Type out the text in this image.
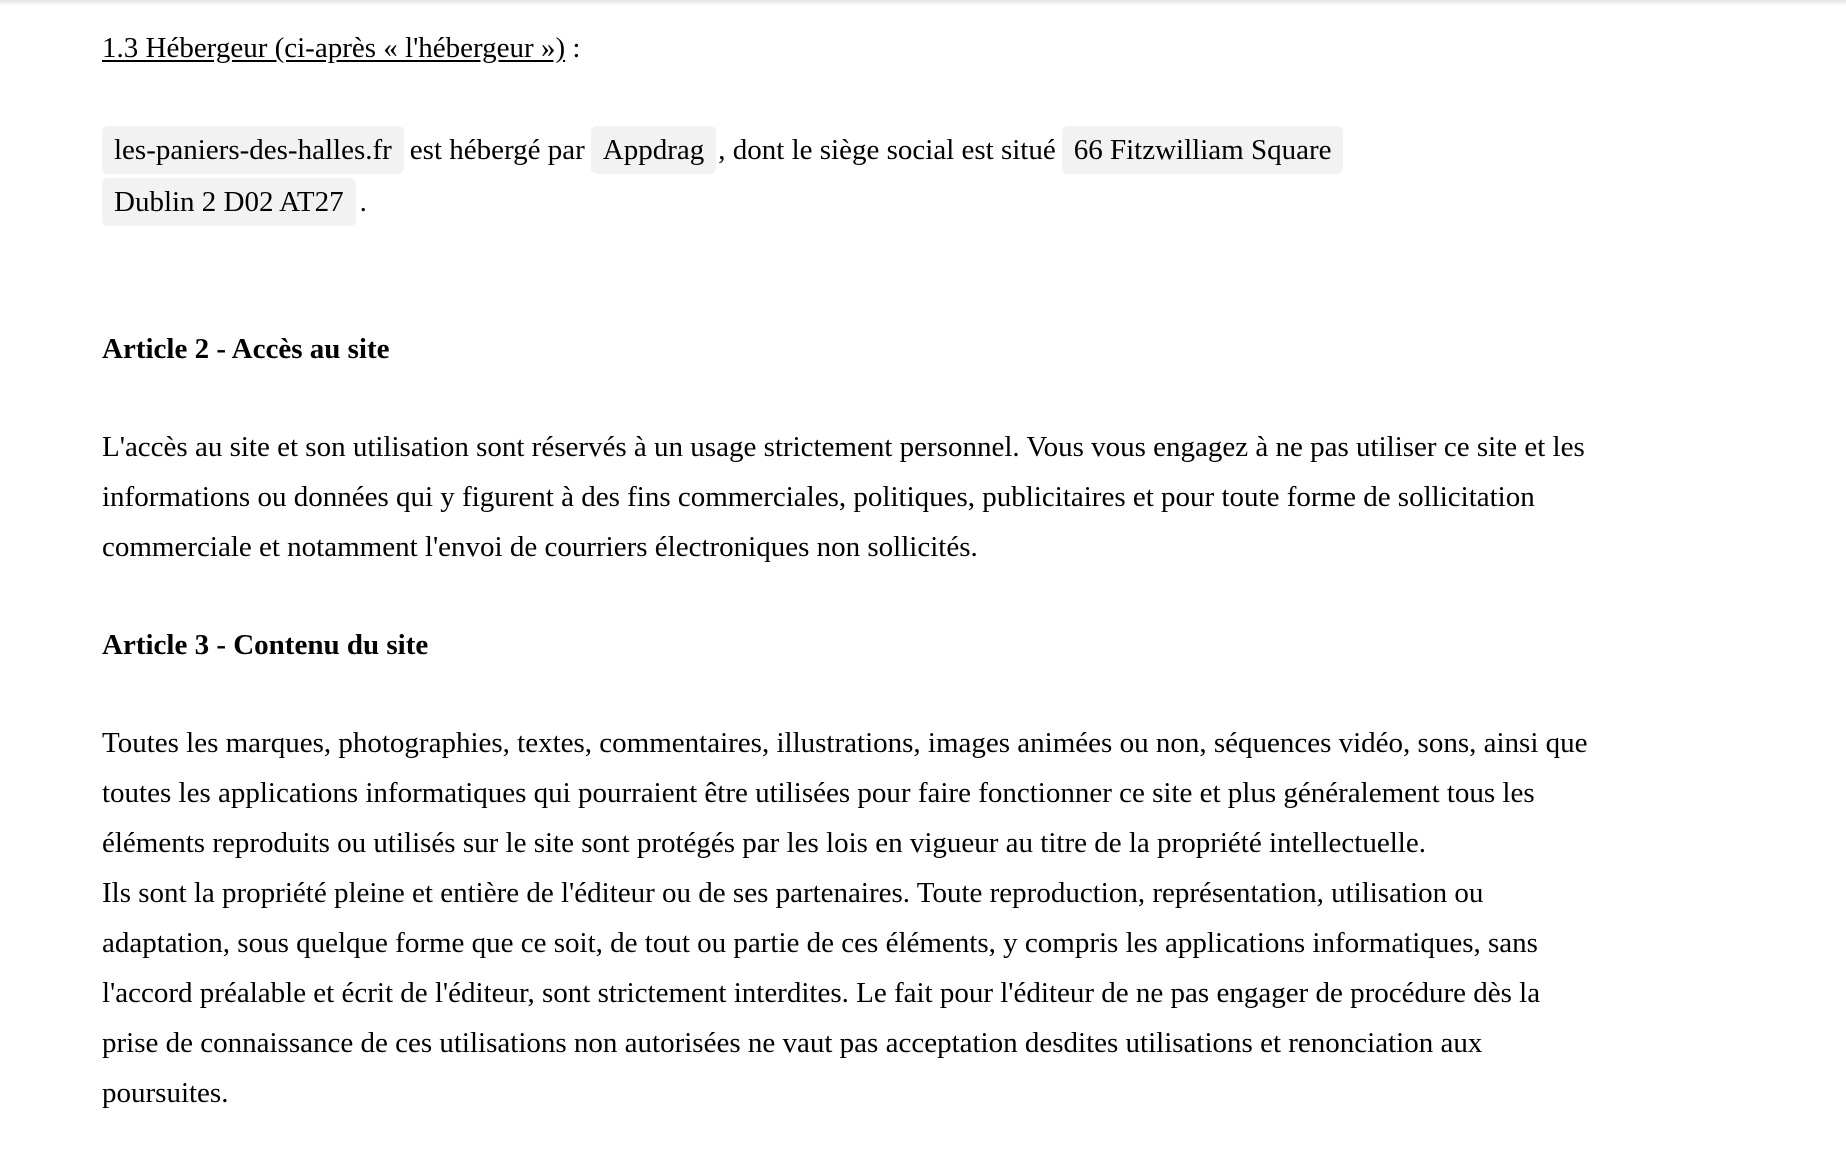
1.3 Hébergeur (ci-après « l'hébergeur ») :
les-paniers-des-halles.fr est hébergé par Appdrag , dont le siège social est situé 66 Fitzwilliam Square
Dublin 2 D02 AT27 .
Article 2 - Accès au site
L'accès au site et son utilisation sont réservés à un usage strictement personnel. Vous vous engagez à ne pas utiliser ce site et les
informations ou données qui y figurent à des fins commerciales, politiques, publicitaires et pour toute forme de sollicitation
commerciale et notamment l'envoi de courriers électroniques non sollicités.
Article 3 - Contenu du site
Toutes les marques, photographies, textes, commentaires, illustrations, images animées ou non, séquences vidéo, sons, ainsi que
toutes les applications informatiques qui pourraient être utilisées pour faire fonctionner ce site et plus généralement tous les
éléments reproduits ou utilisés sur le site sont protégés par les lois en vigueur au titre de la propriété intellectuelle.
Ils sont la propriété pleine et entière de l'éditeur ou de ses partenaires. Toute reproduction, représentation, utilisation ou
adaptation, sous quelque forme que ce soit, de tout ou partie de ces éléments, y compris les applications informatiques, sans
l'accord préalable et écrit de l'éditeur, sont strictement interdites. Le fait pour l'éditeur de ne pas engager de procédure dès la
prise de connaissance de ces utilisations non autorisées ne vaut pas acceptation desdites utilisations et renonciation aux
poursuites.
